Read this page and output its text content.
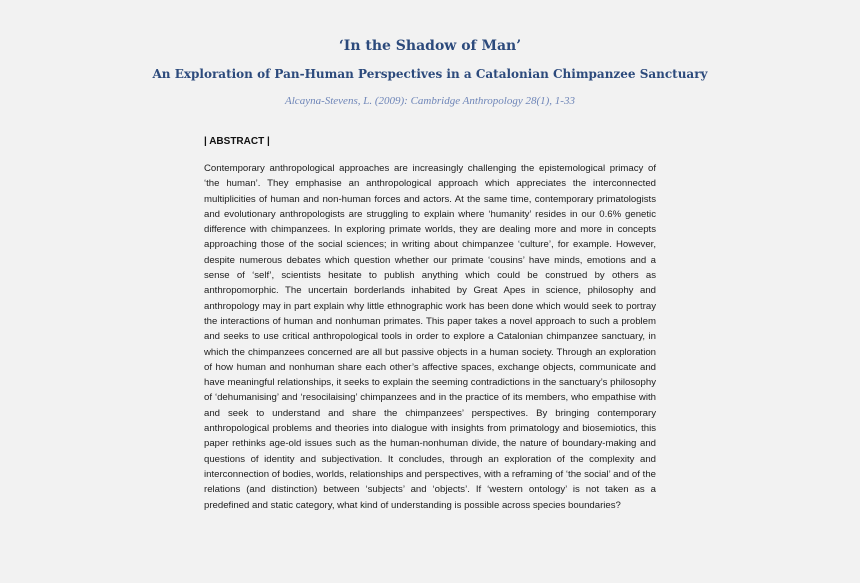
‘In the Shadow of Man’
An Exploration of Pan-Human Perspectives in a Catalonian Chimpanzee Sanctuary
Alcayna-Stevens, L. (2009): Cambridge Anthropology 28(1), 1-33
| ABSTRACT |

Contemporary anthropological approaches are increasingly challenging the epistemological primacy of ‘the human’. They emphasise an anthropological approach which appreciates the interconnected multiplicities of human and non-human forces and actors. At the same time, contemporary primatologists and evolutionary anthropologists are struggling to explain where ‘humanity’ resides in our 0.6% genetic difference with chimpanzees. In exploring primate worlds, they are dealing more and more in concepts approaching those of the social sciences; in writing about chimpanzee ‘culture’, for example. However, despite numerous debates which question whether our primate ‘cousins’ have minds, emotions and a sense of ‘self’, scientists hesitate to publish anything which could be construed by others as anthropomorphic. The uncertain borderlands inhabited by Great Apes in science, philosophy and anthropology may in part explain why little ethnographic work has been done which would seek to portray the interactions of human and nonhuman primates. This paper takes a novel approach to such a problem and seeks to use critical anthropological tools in order to explore a Catalonian chimpanzee sanctuary, in which the chimpanzees concerned are all but passive objects in a human society. Through an exploration of how human and nonhuman share each other’s affective spaces, exchange objects, communicate and have meaningful relationships, it seeks to explain the seeming contradictions in the sanctuary’s philosophy of ‘dehumanising’ and ‘resocilaising’ chimpanzees and in the practice of its members, who empathise with and seek to understand and share the chimpanzees’ perspectives. By bringing contemporary anthropological problems and theories into dialogue with insights from primatology and biosemiotics, this paper rethinks age-old issues such as the human-nonhuman divide, the nature of boundary-making and questions of identity and subjectivation. It concludes, through an exploration of the complexity and interconnection of bodies, worlds, relationships and perspectives, with a reframing of ‘the social’ and of the relations (and distinction) between ‘subjects’ and ‘objects’. If ‘western ontology’ is not taken as a predefined and static category, what kind of understanding is possible across species boundaries?
